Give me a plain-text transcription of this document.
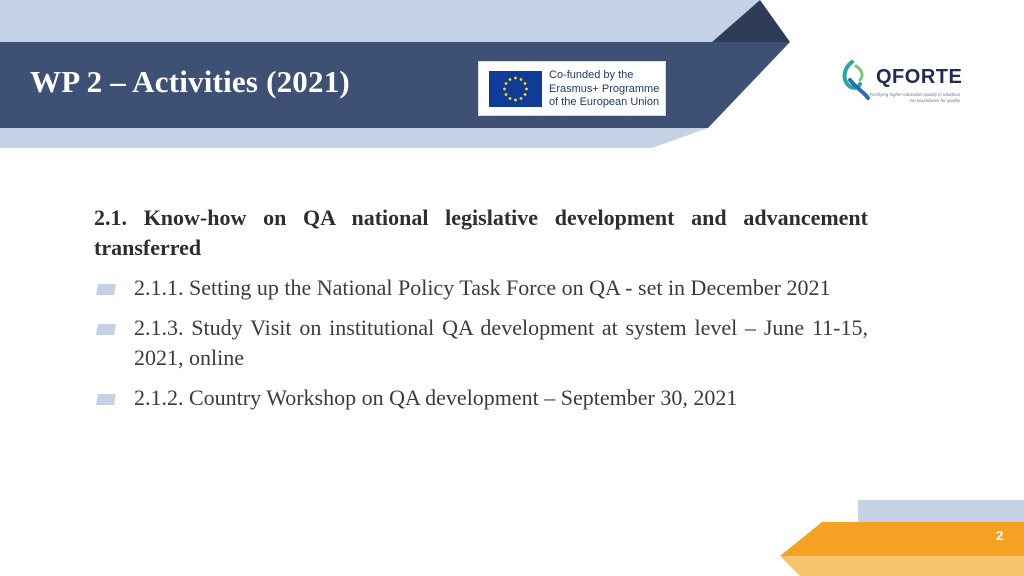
WP 2 – Activities (2021)	Co-funded by the
Erasmus+ Programme
of the European Union
QFORTE
Fortifying higher education quality in Moldova
No boundaries for quality
2.1. Know-how on QA national legislative development and advancement transferred
2.1.1. Setting up the National Policy Task Force on QA - set in December 2021
2.1.3. Study Visit on institutional QA development at system level – June 11-15, 2021, online
2.1.2. Country Workshop on QA development – September 30, 2021
2
